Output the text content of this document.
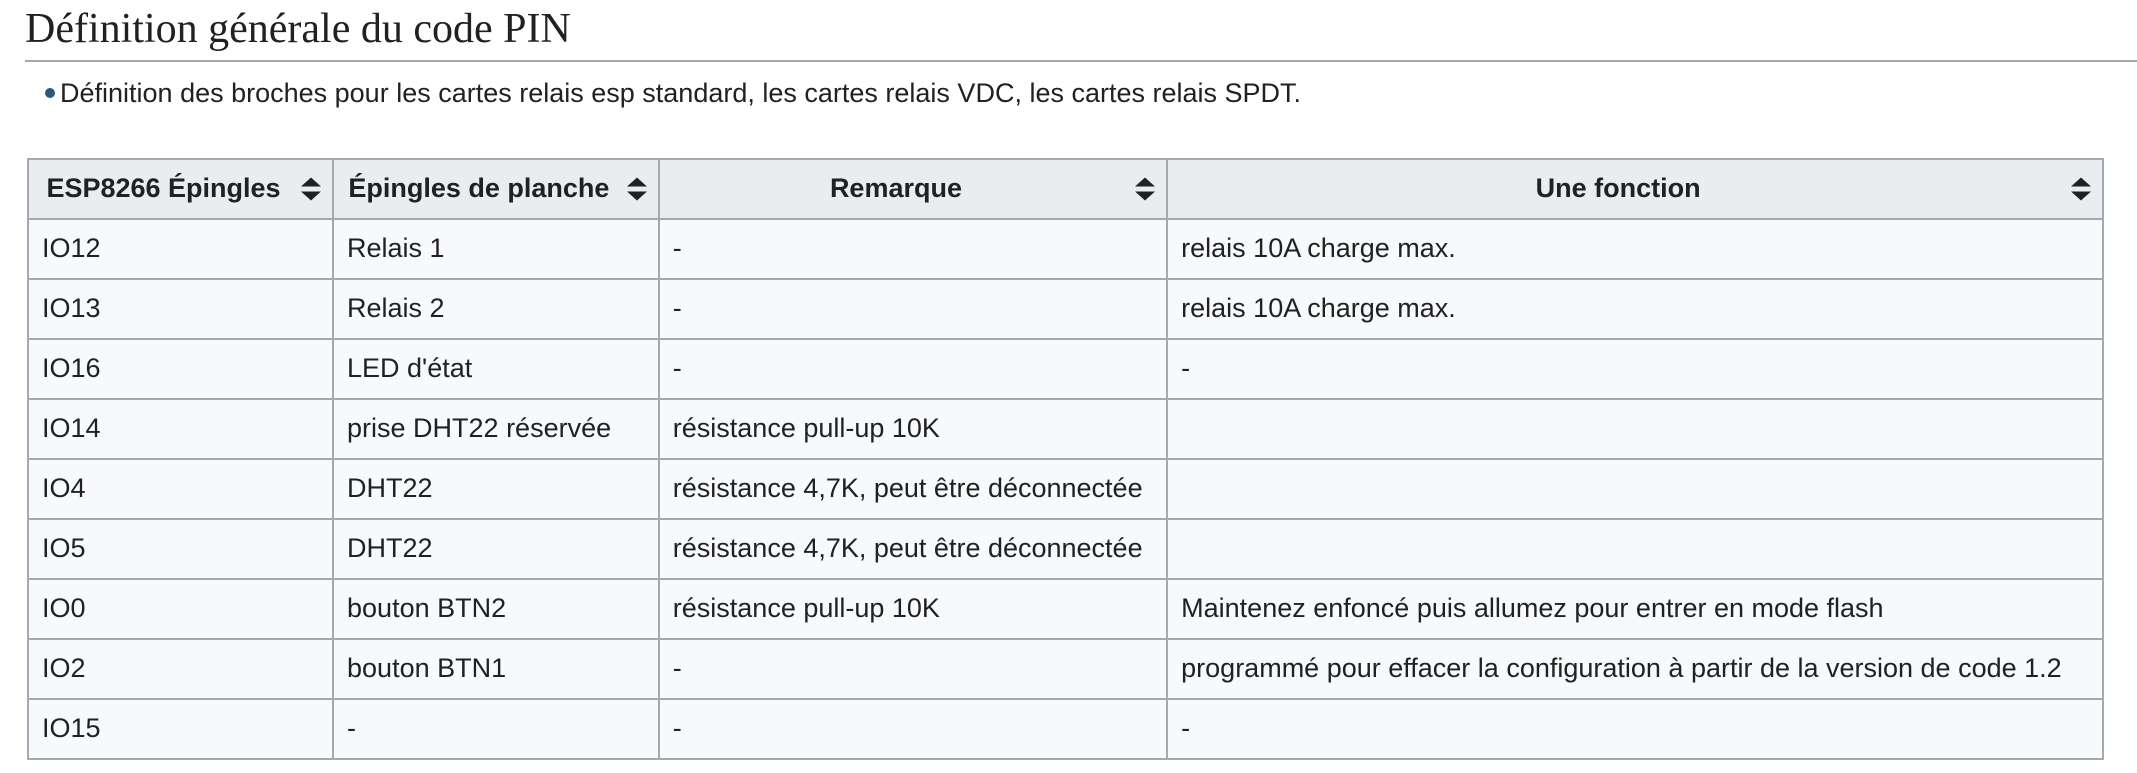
Définition générale du code PIN
Définition des broches pour les cartes relais esp standard, les cartes relais VDC, les cartes relais SPDT.
ESP8266 Épingles	Épingles de planche	Remarque	Une fonction

IO12	Relais 1	-	relais 10A charge max.
IO13	Relais 2	-	relais 10A charge max.
IO16	LED d'état	-	-
IO14	prise DHT22 réservée	résistance pull-up 10K	
IO4	DHT22	résistance 4,7K, peut être déconnectée	
IO5	DHT22	résistance 4,7K, peut être déconnectée	
IO0	bouton BTN2	résistance pull-up 10K	Maintenez enfoncé puis allumez pour entrer en mode flash
IO2	bouton BTN1	-	programmé pour effacer la configuration à partir de la version de code 1.2
IO15	-	-	-
